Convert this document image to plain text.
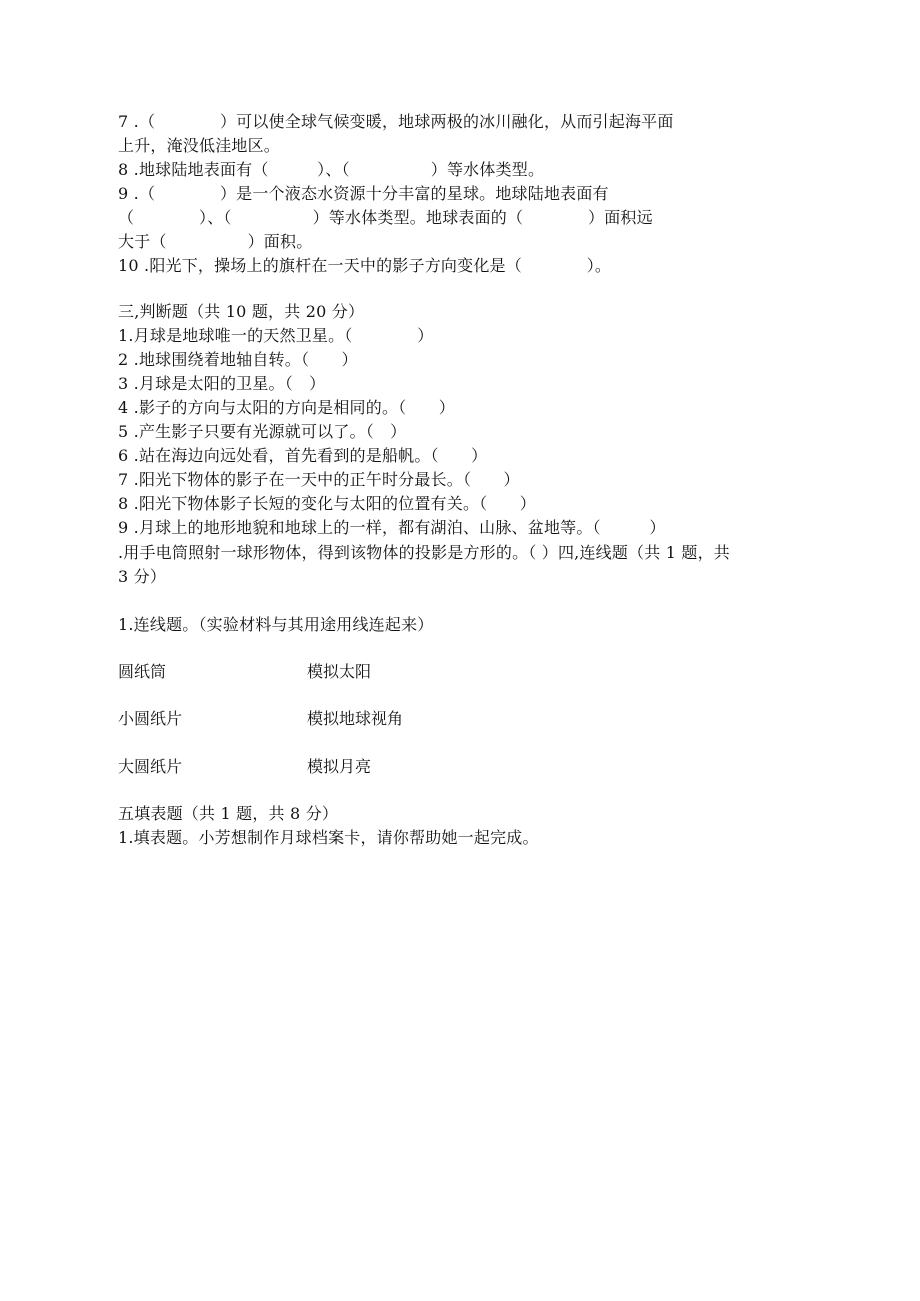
7 .（　　　　）可以使全球气候变暖，地球两极的冰川融化，从而引起海平面
上升，淹没低洼地区。
8 .地球陆地表面有（　　　）、（　　　　　）等水体类型。
9 .（　　　　）是一个液态水资源十分丰富的星球。地球陆地表面有
（　　　　）、（　　　　　）等水体类型。地球表面的（　　　　）面积远
大于（　　　　　）面积。
10 .阳光下，操场上的旗杆在一天中的影子方向变化是（　　　　）。
三,判断题（共 10 题，共 20 分）
1.月球是地球唯一的天然卫星。（　　　　）
2 .地球围绕着地轴自转。（　　）
3 .月球是太阳的卫星。（　）
4 .影子的方向与太阳的方向是相同的。（　　）
5 .产生影子只要有光源就可以了。（　）
6 .站在海边向远处看，首先看到的是船帆。（　　）
7 .阳光下物体的影子在一天中的正午时分最长。（　　）
8 .阳光下物体影子长短的变化与太阳的位置有关。（　　）
9 .月球上的地形地貌和地球上的一样，都有湖泊、山脉、盆地等。（　　　）
.用手电筒照射一球形物体，得到该物体的投影是方形的。（ ）四,连线题（共 1 题，共
3 分）
1.连线题。（实验材料与其用途用线连起来）
圆纸筒	模拟太阳
小圆纸片	模拟地球视角
大圆纸片	模拟月亮
五填表题（共 1 题，共 8 分）
1.填表题。小芳想制作月球档案卡，请你帮助她一起完成。
